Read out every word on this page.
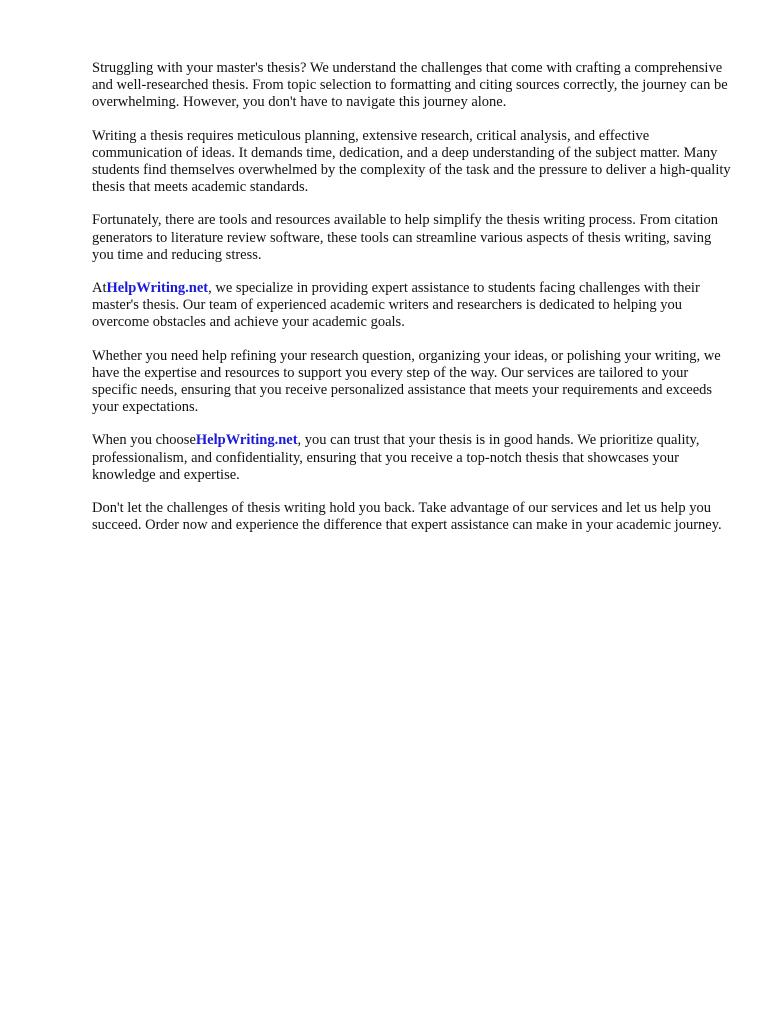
Struggling with your master's thesis? We understand the challenges that come with crafting a comprehensive and well-researched thesis. From topic selection to formatting and citing sources correctly, the journey can be overwhelming. However, you don't have to navigate this journey alone.

Writing a thesis requires meticulous planning, extensive research, critical analysis, and effective communication of ideas. It demands time, dedication, and a deep understanding of the subject matter. Many students find themselves overwhelmed by the complexity of the task and the pressure to deliver a high-quality thesis that meets academic standards.

Fortunately, there are tools and resources available to help simplify the thesis writing process. From citation generators to literature review software, these tools can streamline various aspects of thesis writing, saving you time and reducing stress.

AtHelpWriting.net, we specialize in providing expert assistance to students facing challenges with their master's thesis. Our team of experienced academic writers and researchers is dedicated to helping you overcome obstacles and achieve your academic goals.

Whether you need help refining your research question, organizing your ideas, or polishing your writing, we have the expertise and resources to support you every step of the way. Our services are tailored to your specific needs, ensuring that you receive personalized assistance that meets your requirements and exceeds your expectations.

When you chooseHelpWriting.net, you can trust that your thesis is in good hands. We prioritize quality, professionalism, and confidentiality, ensuring that you receive a top-notch thesis that showcases your knowledge and expertise.

Don't let the challenges of thesis writing hold you back. Take advantage of our services and let us help you succeed. Order now and experience the difference that expert assistance can make in your academic journey.
